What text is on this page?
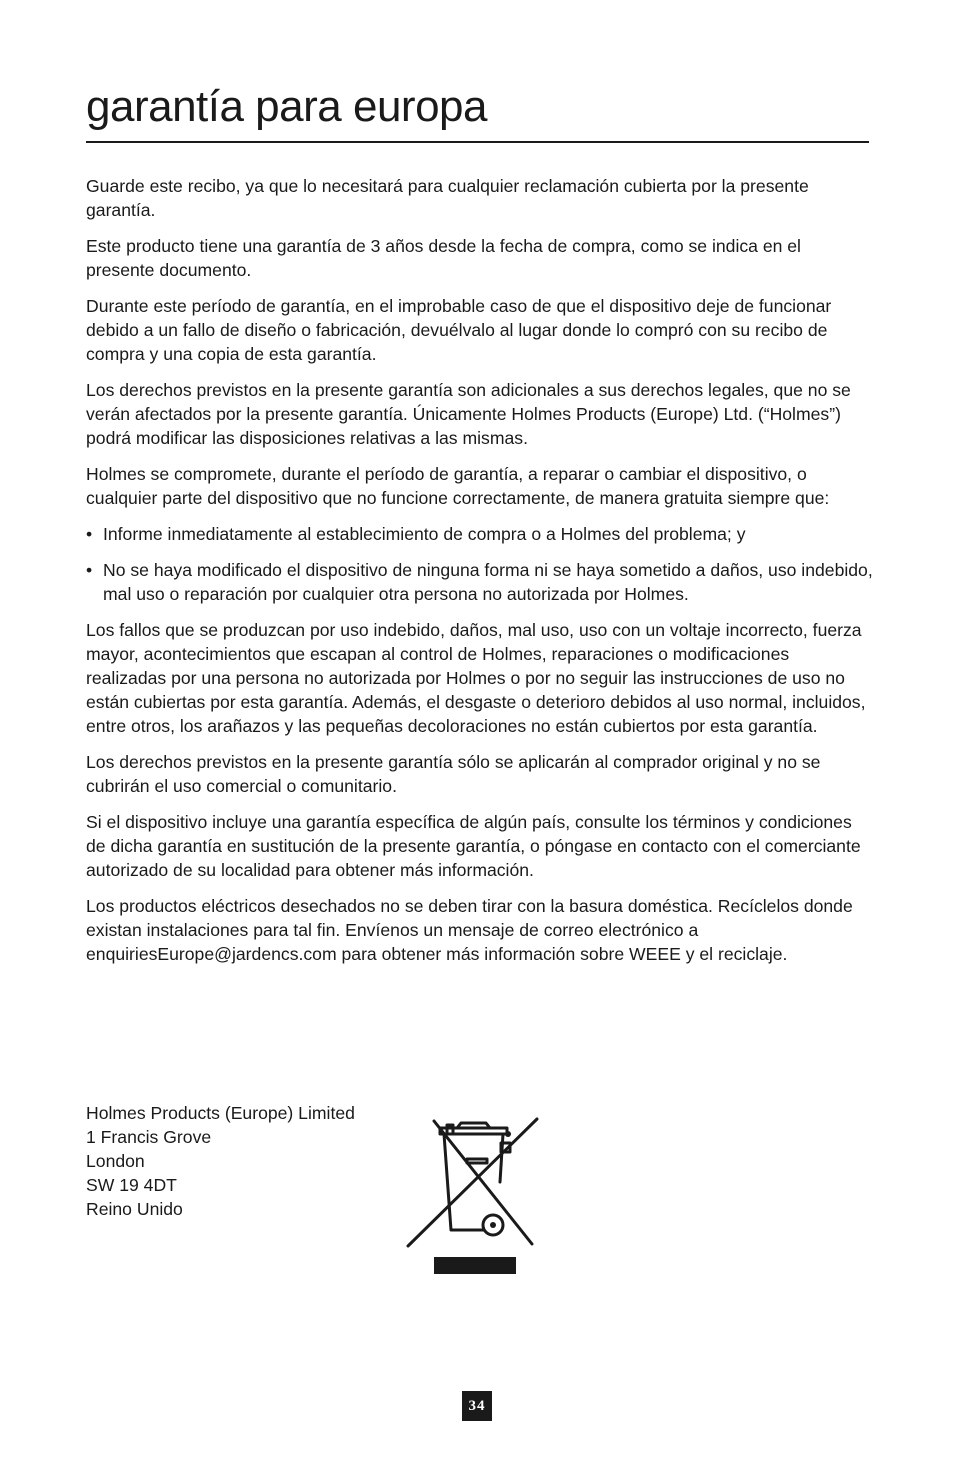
garantía para europa

Guarde este recibo, ya que lo necesitará para cualquier reclamación cubierta por la presente garantía.

Este producto tiene una garantía de 3 años desde la fecha de compra, como se indica en el presente documento.

Durante este período de garantía, en el improbable caso de que el dispositivo deje de funcionar debido a un fallo de diseño o fabricación, devuélvalo al lugar donde lo compró con su recibo de compra y una copia de esta garantía.

Los derechos previstos en la presente garantía son adicionales a sus derechos legales, que no se verán afectados por la presente garantía. Únicamente Holmes Products (Europe) Ltd. (“Holmes”) podrá modificar las disposiciones relativas a las mismas.

Holmes se compromete, durante el período de garantía, a reparar o cambiar el dispositivo, o cualquier parte del dispositivo que no funcione correctamente, de manera gratuita siempre que:

• Informe inmediatamente al establecimiento de compra o a Holmes del problema; y
• No se haya modificado el dispositivo de ninguna forma ni se haya sometido a daños, uso indebido, mal uso o reparación por cualquier otra persona no autorizada por Holmes.

Los fallos que se produzcan por uso indebido, daños, mal uso, uso con un voltaje incorrecto, fuerza mayor, acontecimientos que escapan al control de Holmes, reparaciones o modificaciones realizadas por una persona no autorizada por Holmes o por no seguir las instrucciones de uso no están cubiertas por esta garantía. Además, el desgaste o deterioro debidos al uso normal, incluidos, entre otros, los arañazos y las pequeñas decoloraciones no están cubiertos por esta garantía.

Los derechos previstos en la presente garantía sólo se aplicarán al comprador original y no se cubrirán el uso comercial o comunitario.

Si el dispositivo incluye una garantía específica de algún país, consulte los términos y condiciones de dicha garantía en sustitución de la presente garantía, o póngase en contacto con el comerciante autorizado de su localidad para obtener más información.

Los productos eléctricos desechados no se deben tirar con la basura doméstica. Recíclelos donde existan instalaciones para tal fin. Envíenos un mensaje de correo electrónico a enquiriesEurope@jardencs.com para obtener más información sobre WEEE y el reciclaje.

Holmes Products (Europe) Limited
1 Francis Grove
London
SW 19 4DT
Reino Unido
34
